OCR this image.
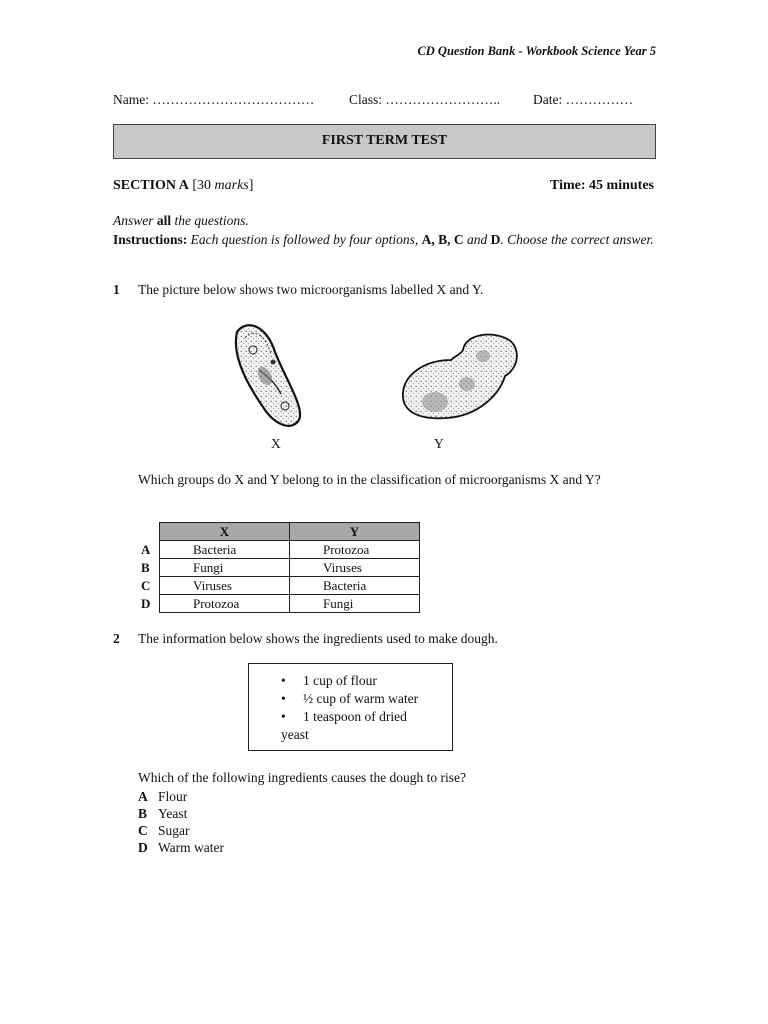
CD Question Bank - Workbook Science Year 5
Name: ………………………………	Class: …………………….. Date: ……………
FIRST TERM TEST
SECTION A [30 marks]	Time: 45 minutes
Answer all the questions.
Instructions: Each question is followed by four options, A, B, C and D. Choose the correct answer.
1 The picture below shows two microorganisms labelled X and Y.
X	Y
Which groups do X and Y belong to in the classification of microorganisms X and Y?
	X	Y
A	Bacteria	Protozoa
B	Fungi	Viruses
C	Viruses	Bacteria
D	Protozoa	Fungi
2 The information below shows the ingredients used to make dough.
• 1 cup of flour
• ½ cup of warm water
• 1 teaspoon of dried
yeast
Which of the following ingredients causes the dough to rise?
A Flour
B Yeast
C Sugar
D Warm water
